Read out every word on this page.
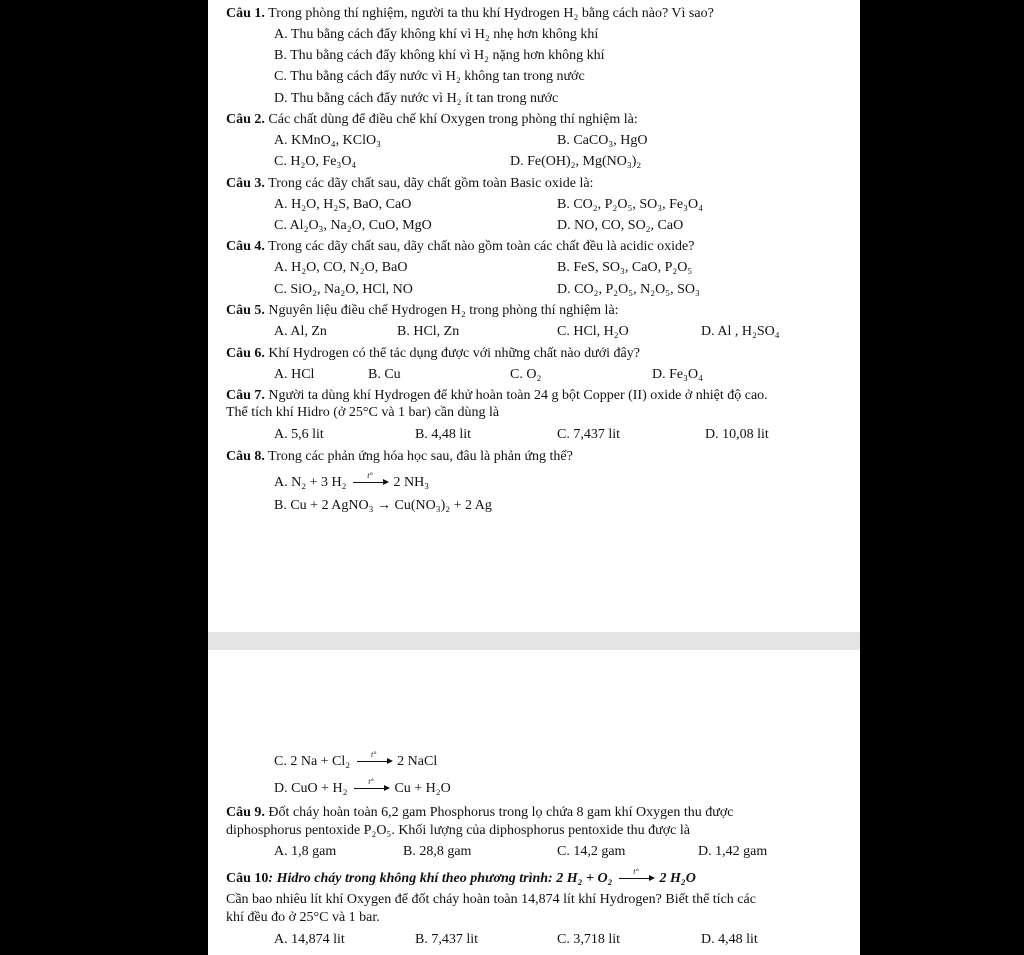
Câu 1. Trong phòng thí nghiệm, người ta thu khí Hydrogen H₂ bằng cách nào? Vì sao?
A. Thu bằng cách đẩy không khí vì H₂ nhẹ hơn không khí
B. Thu bằng cách đẩy không khí vì H₂ nặng hơn không khí
C. Thu bằng cách đẩy nước vì H₂ không tan trong nước
D. Thu bằng cách đẩy nước vì H₂ ít tan trong nước
Câu 2. Các chất dùng để điều chế khí Oxygen trong phòng thí nghiệm là:
A. KMnO₄, KClO₃	B. CaCO₃, HgO
C. H₂O, Fe₃O₄	D. Fe(OH)₂, Mg(NO₃)₂
Câu 3. Trong các dãy chất sau, dãy chất gồm toàn Basic oxide là:
A. H₂O, H₂S, BaO, CaO	B. CO₂, P₂O₅, SO₃, Fe₃O₄
C. Al₂O₃, Na₂O, CuO, MgO	D. NO, CO, SO₂, CaO
Câu 4. Trong các dãy chất sau, dãy chất nào gồm toàn các chất đều là acidic oxide?
A. H₂O, CO, N₂O, BaO	B. FeS, SO₃, CaO, P₂O₅
C. SiO₂, Na₂O, HCl, NO	D. CO₂, P₂O₅, N₂O₅, SO₃
Câu 5. Nguyên liệu điều chế Hydrogen H₂ trong phòng thí nghiệm là:
A. Al, Zn	B. HCl, Zn	C. HCl, H₂O	D. Al , H₂SO₄
Câu 6. Khí Hydrogen có thể tác dụng được với những chất nào dưới đây?
A. HCl	B. Cu	C. O₂	D. Fe₃O₄
Câu 7. Người ta dùng khí Hydrogen để khử hoàn toàn 24 g bột Copper (II) oxide ở nhiệt độ cao.
Thể tích khí Hidro (ở 25°C và 1 bar) cần dùng là
A. 5,6 lit	B. 4,48 lit	C. 7,437 lit	D. 10,08 lit
Câu 8. Trong các phản ứng hóa học sau, đâu là phản ứng thế?
A. N₂ + 3 H₂	t°	2 NH₃
B. Cu + 2 AgNO₃ → Cu(NO₃)₂ + 2 Ag
C. 2 Na + Cl₂	t°	2 NaCl
D. CuO + H₂	t°	Cu + H₂O
Câu 9. Đốt cháy hoàn toàn 6,2 gam Phosphorus trong lọ chứa 8 gam khí Oxygen thu được
diphosphorus pentoxide P₂O₅. Khối lượng của diphosphorus pentoxide thu được là
A. 1,8 gam	B. 28,8 gam	C. 14,2 gam	D. 1,42 gam
Câu 10: Hidro cháy trong không khí theo phương trình: 2 H₂ + O₂	t°	2 H₂O
Cần bao nhiêu lít khí Oxygen để đốt cháy hoàn toàn 14,874 lít khí Hydrogen? Biết thể tích các
khí đều đo ở 25°C và 1 bar.
A. 14,874 lit	B. 7,437 lit	C. 3,718 lit	D. 4,48 lit
